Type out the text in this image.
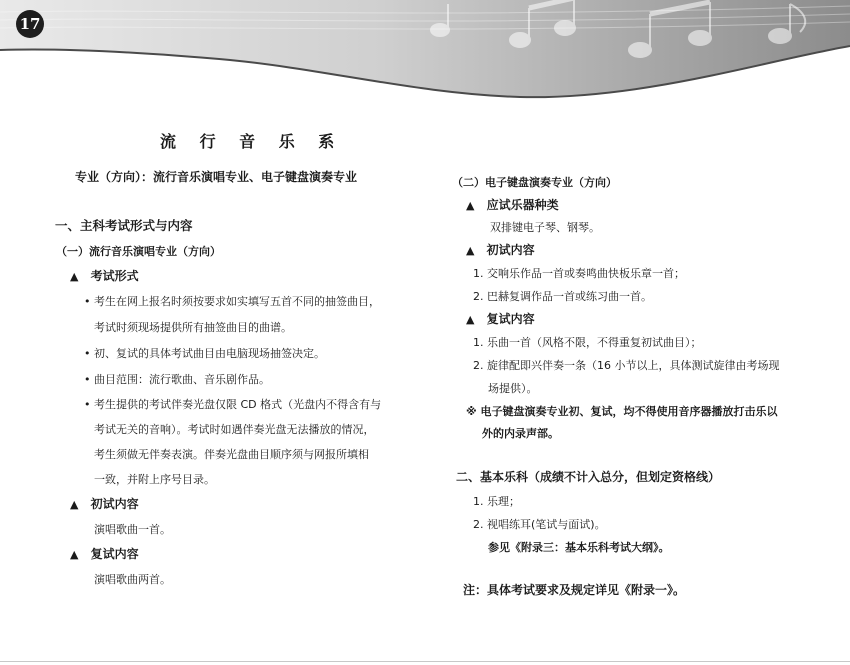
17
流 行 音 乐 系
专业（方向）：流行音乐演唱专业、电子键盘演奏专业
一、主科考试形式与内容
（一）流行音乐演唱专业（方向）
▲ 考试形式
• 考生在网上报名时须按要求如实填写五首不同的抽签曲目，
考试时须现场提供所有抽签曲目的曲谱。
• 初、复试的具体考试曲目由电脑现场抽签决定。
• 曲目范围：流行歌曲、音乐剧作品。
• 考生提供的考试伴奏光盘仅限 CD 格式（光盘内不得含有与
考试无关的音响）。考试时如遇伴奏光盘无法播放的情况，
考生须做无伴奏表演。伴奏光盘曲目顺序须与网报所填相
一致，并附上序号目录。
▲ 初试内容
演唱歌曲一首。
▲ 复试内容
演唱歌曲两首。
（二）电子键盘演奏专业（方向）
▲ 应试乐器种类
双排键电子琴、钢琴。
▲ 初试内容
1. 交响乐作品一首或奏鸣曲快板乐章一首；
2. 巴赫复调作品一首或练习曲一首。
▲ 复试内容
1. 乐曲一首（风格不限，不得重复初试曲目）；
2. 旋律配即兴伴奏一条（16 小节以上，具体测试旋律由考场现
场提供）。
※ 电子键盘演奏专业初、复试，均不得使用音序器播放打击乐以
外的内录声部。
二、基本乐科（成绩不计入总分，但划定资格线）
1. 乐理；
2. 视唱练耳(笔试与面试)。
参见《附录三：基本乐科考试大纲》。
注：具体考试要求及规定详见《附录一》。
